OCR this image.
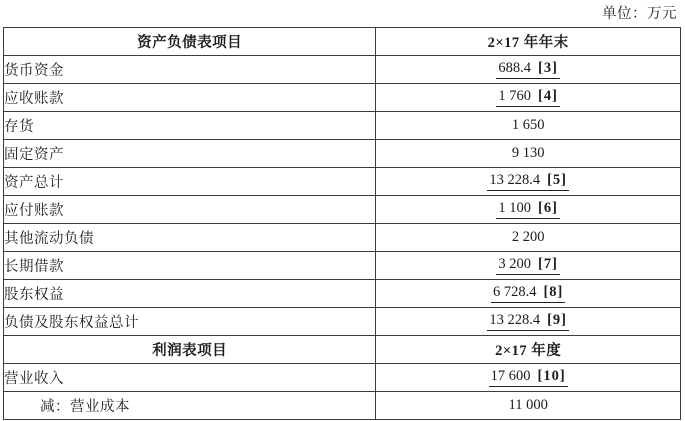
单位：万元
资产负债表项目	2×17 年年末
货币资金	688.4 [3]
应收账款	1 760 [4]
存货	1 650
固定资产	9 130
资产总计	13 228.4 [5]
应付账款	1 100 [6]
其他流动负债	2 200
长期借款	3 200 [7]
股东权益	6 728.4 [8]
负债及股东权益总计	13 228.4 [9]
利润表项目	2×17 年度
营业收入	17 600 [10]
减：营业成本	11 000
